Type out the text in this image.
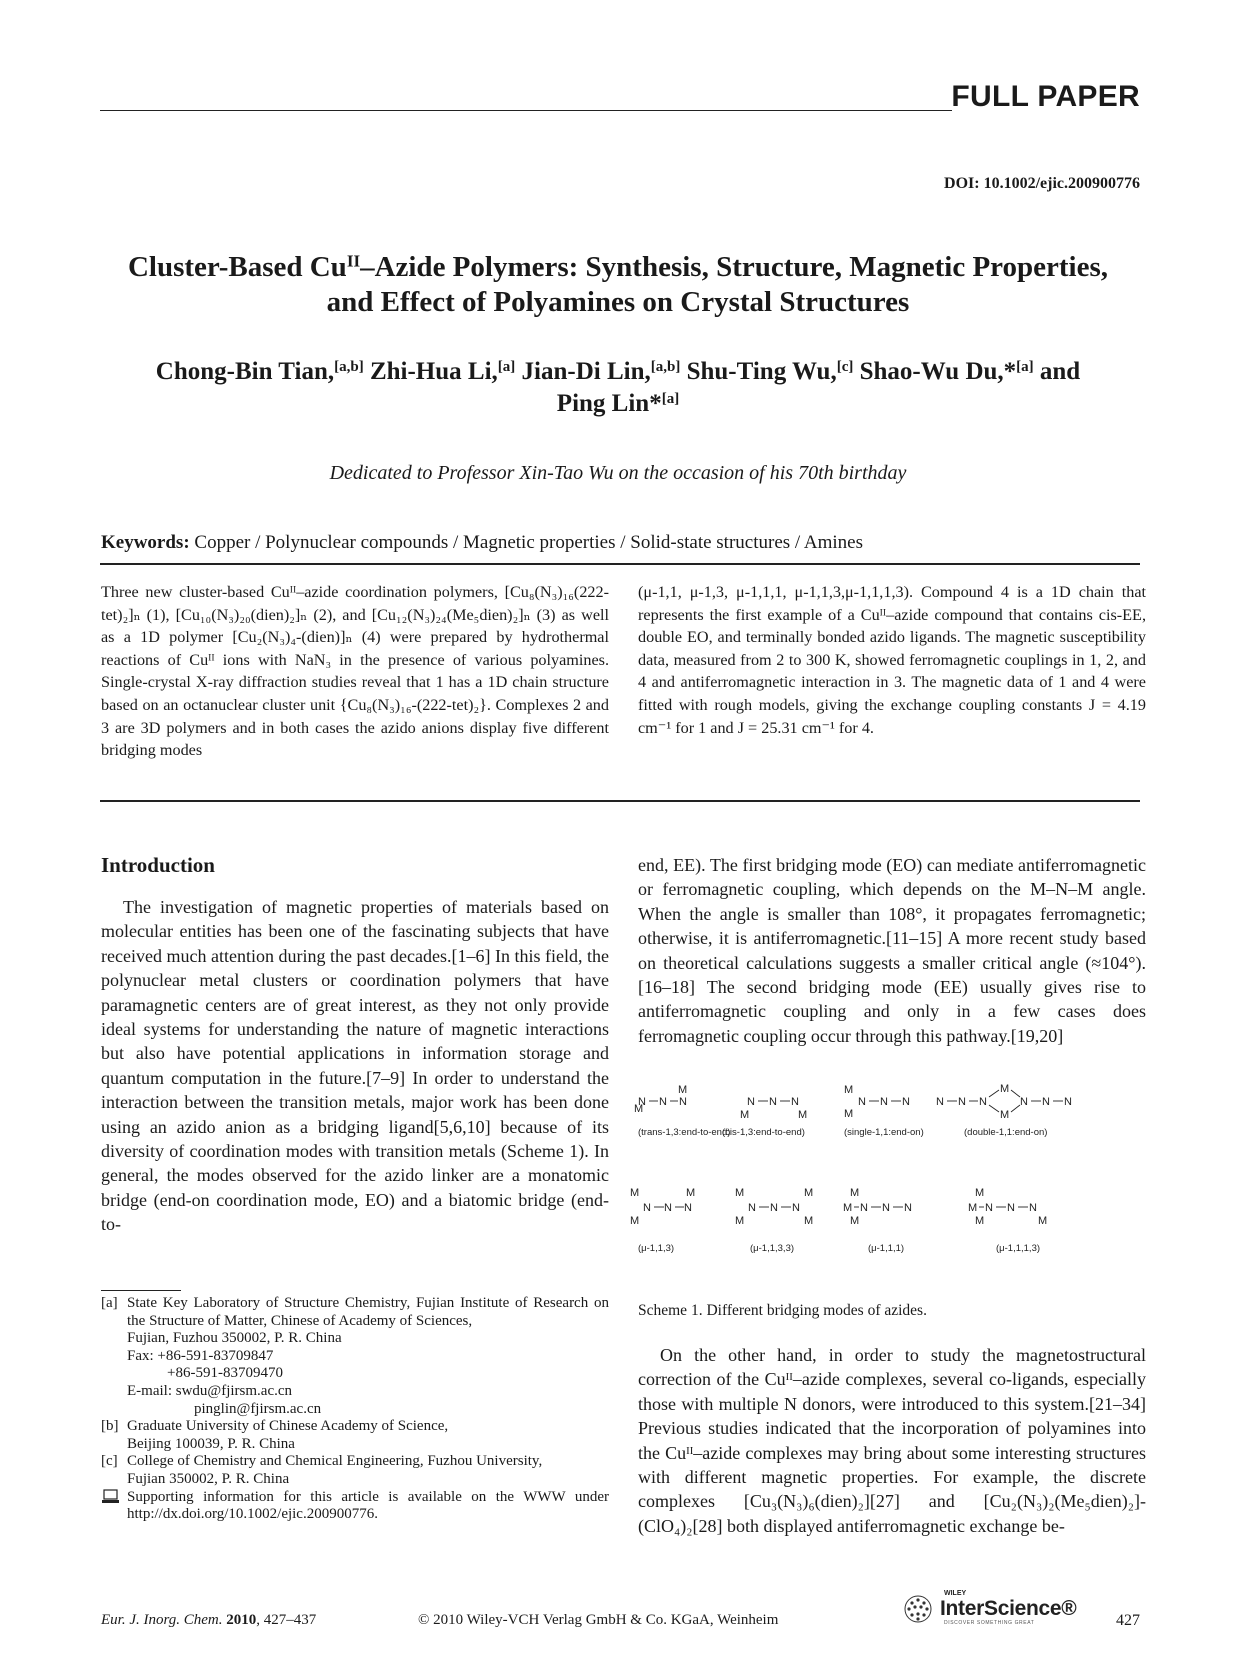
FULL PAPER
DOI: 10.1002/ejic.200900776
Cluster-Based $Cu^{II}$–Azide Polymers: Synthesis, Structure, Magnetic Properties,
and Effect of Polyamines on Crystal Structures
Chong-Bin Tian,[a,b] Zhi-Hua Li,[a] Jian-Di Lin,[a,b] Shu-Ting Wu,[c] Shao-Wu Du,*[a] and
Ping Lin*[a]
Dedicated to Professor Xin-Tao Wu on the occasion of his 70th birthday
Keywords: Copper / Polynuclear compounds / Magnetic properties / Solid-state structures / Amines
Three new cluster-based Cuᴵᴵ–azide coordination polymers, [Cu₈(N₃)₁₆(222-tet)₂]ₙ (1), [Cu₁₀(N₃)₂₀(dien)₂]ₙ (2), and [Cu₁₂(N₃)₂₄(Me₅dien)₂]ₙ (3) as well as a 1D polymer [Cu₂(N₃)₄-(dien)]ₙ (4) were prepared by hydrothermal reactions of Cuᴵᴵ ions with NaN₃ in the presence of various polyamines. Single-crystal X-ray diffraction studies reveal that 1 has a 1D chain structure based on an octanuclear cluster unit {Cu₈(N₃)₁₆-(222-tet)₂}. Complexes 2 and 3 are 3D polymers and in both cases the azido anions display five different bridging modes
(μ-1,1, μ-1,3, μ-1,1,1, μ-1,1,3,μ-1,1,1,3). Compound 4 is a 1D chain that represents the first example of a Cuᴵᴵ–azide compound that contains cis-EE, double EO, and terminally bonded azido ligands. The magnetic susceptibility data, measured from 2 to 300 K, showed ferromagnetic couplings in 1, 2, and 4 and antiferromagnetic interaction in 3. The magnetic data of 1 and 4 were fitted with rough models, giving the exchange coupling constants J = 4.19 cm⁻¹ for 1 and J = 25.31 cm⁻¹ for 4.
Introduction

The investigation of magnetic properties of materials based on molecular entities has been one of the fascinating subjects that have received much attention during the past decades.[1–6] In this field, the polynuclear metal clusters or coordination polymers that have paramagnetic centers are of great interest, as they not only provide ideal systems for understanding the nature of magnetic interactions but also have potential applications in information storage and quantum computation in the future.[7–9] In order to understand the interaction between the transition metals, major work has been done using an azido anion as a bridging ligand[5,6,10] because of its diversity of coordination modes with transition metals (Scheme 1). In general, the modes observed for the azido linker are a monatomic bridge (end-on coordination mode, EO) and a biatomic bridge (end-to-

end, EE). The first bridging mode (EO) can mediate antiferromagnetic or ferromagnetic coupling, which depends on the M–N–M angle. When the angle is smaller than 108°, it propagates ferromagnetic; otherwise, it is antiferromagnetic.[11–15] A more recent study based on theoretical calculations suggests a smaller critical angle (≈104°).[16–18] The second bridging mode (EE) usually gives rise to antiferromagnetic coupling and only in a few cases does ferromagnetic coupling occur through this pathway.[19,20]

M
M
N N N
(trans-1,3:end-to-end)
N N N
M	M
(cis-1,3:end-to-end)
M
M
N N N
(single-1,1:end-on)
N N N
M
M
N N N
(double-1,1:end-on)
M
M
M
N N N
(μ-1,1,3)
M
M
N N N
M
M
(μ-1,1,3,3)
M
M
M
N N N
(μ-1,1,1)
M
M
M
N N N
M
(μ-1,1,1,3)
Scheme 1. Different bridging modes of azides.

On the other hand, in order to study the magnetostructural correction of the Cuᴵᴵ–azide complexes, several co-ligands, especially those with multiple N donors, were introduced to this system.[21–34] Previous studies indicated that the incorporation of polyamines into the Cuᴵᴵ–azide complexes may bring about some interesting structures with different magnetic properties. For example, the discrete complexes [Cu₃(N₃)₆(dien)₂][27] and [Cu₂(N₃)₂(Me₅dien)₂]-(ClO₄)₂[28] both displayed antiferromagnetic exchange be-

[a] State Key Laboratory of Structure Chemistry, Fujian Institute of Research on the Structure of Matter, Chinese of Academy of Sciences,
Fujian, Fuzhou 350002, P. R. China
Fax: +86-591-83709847
+86-591-83709470
E-mail: swdu@fjirsm.ac.cn
pinglin@fjirsm.ac.cn
[b] Graduate University of Chinese Academy of Science,
Beijing 100039, P. R. China
[c] College of Chemistry and Chemical Engineering, Fuzhou University,
Fujian 350002, P. R. China
Supporting information for this article is available on the WWW under http://dx.doi.org/10.1002/ejic.200900776.
Eur. J. Inorg. Chem. 2010, 427–437	© 2010 Wiley-VCH Verlag GmbH & Co. KGaA, Weinheim
WILEY
InterScience®
DISCOVER SOMETHING GREAT	427
